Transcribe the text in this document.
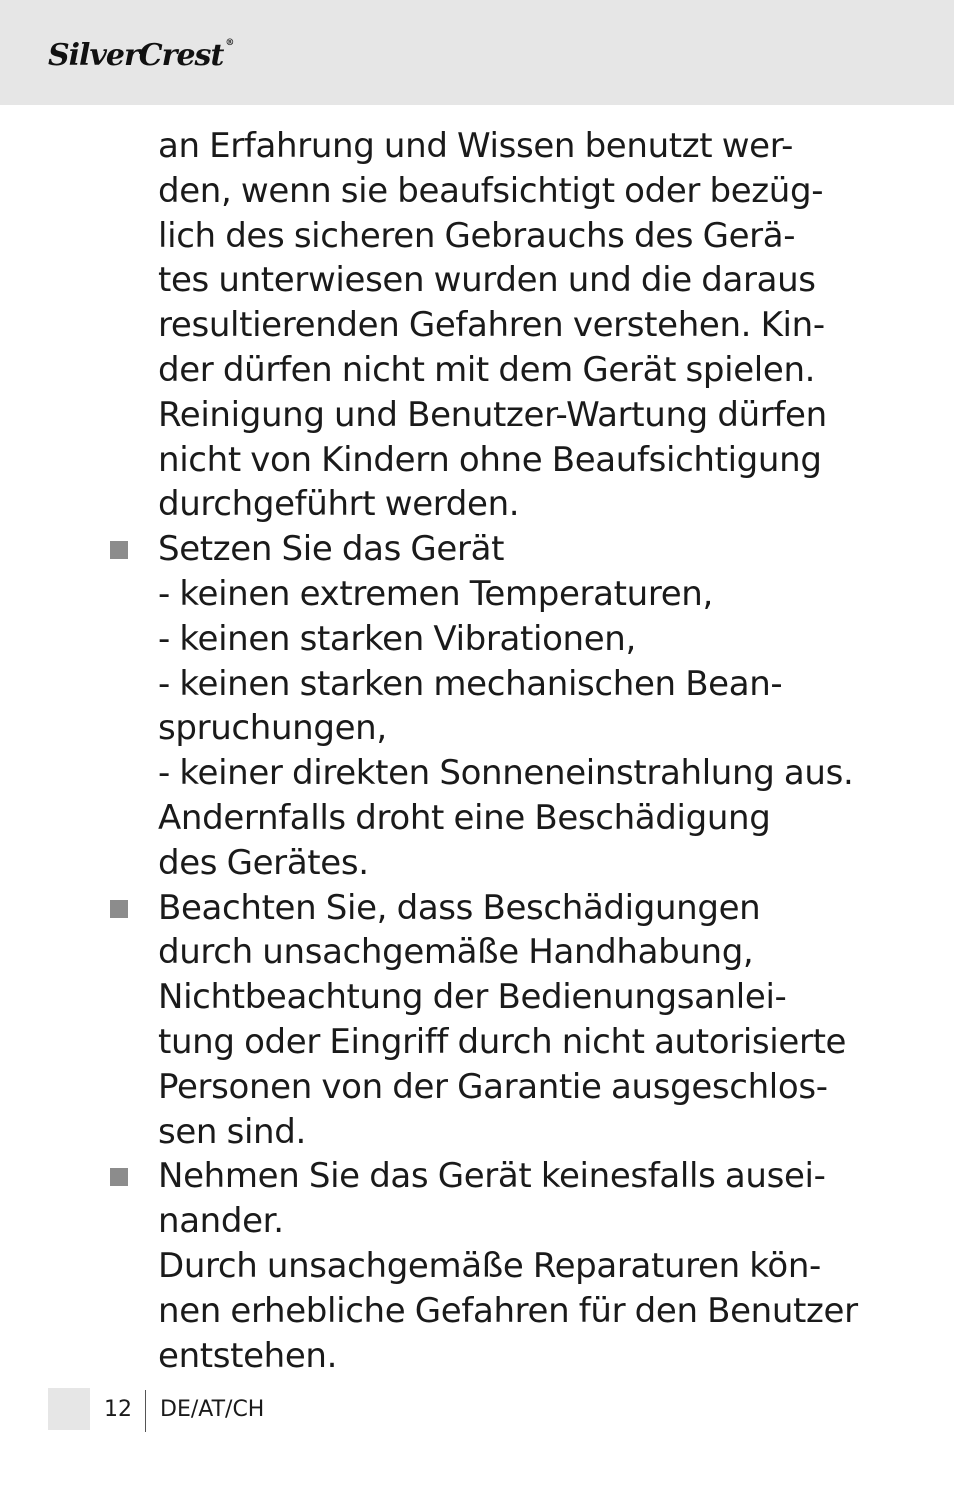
SilverCrest ®
an Erfahrung und Wissen benutzt wer-
den, wenn sie beaufsichtigt oder bezüg-
lich des sicheren Gebrauchs des Gerä-
tes unterwiesen wurden und die daraus
resultierenden Gefahren verstehen. Kin-
der dürfen nicht mit dem Gerät spielen.
Reinigung und Benutzer-Wartung dürfen
nicht von Kindern ohne Beaufsichtigung
durchgeführt werden.
Setzen Sie das Gerät
- keinen extremen Temperaturen,
- keinen starken Vibrationen,
- keinen starken mechanischen Bean-
spruchungen,
- keiner direkten Sonneneinstrahlung aus.
Andernfalls droht eine Beschädigung
des Gerätes.
Beachten Sie, dass Beschädigungen
durch unsachgemäße Handhabung,
Nichtbeachtung der Bedienungsanlei-
tung oder Eingriff durch nicht autorisierte
Personen von der Garantie ausgeschlos-
sen sind.
Nehmen Sie das Gerät keinesfalls ausei-
nander.
Durch unsachgemäße Reparaturen kön-
nen erhebliche Gefahren für den Benutzer
entstehen.
12 DE/AT/CH
